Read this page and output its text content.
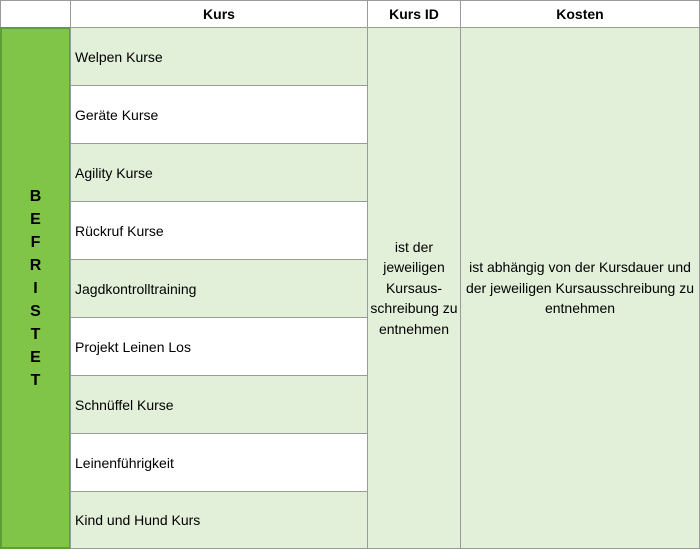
Kurs	Kurs ID	Kosten
B
E
F
R
I
S
T
E
T
Welpen Kurse
Geräte Kurse
Agility Kurse
Rückruf Kurse
Jagdkontrolltraining
Projekt Leinen Los
Schnüffel Kurse
Leinenführigkeit
Kind und Hund Kurs
ist der
jeweiligen
Kursaus-
schreibung zu
entnehmen
ist abhängig von der Kursdauer und
der jeweiligen Kursausschreibung zu
entnehmen
